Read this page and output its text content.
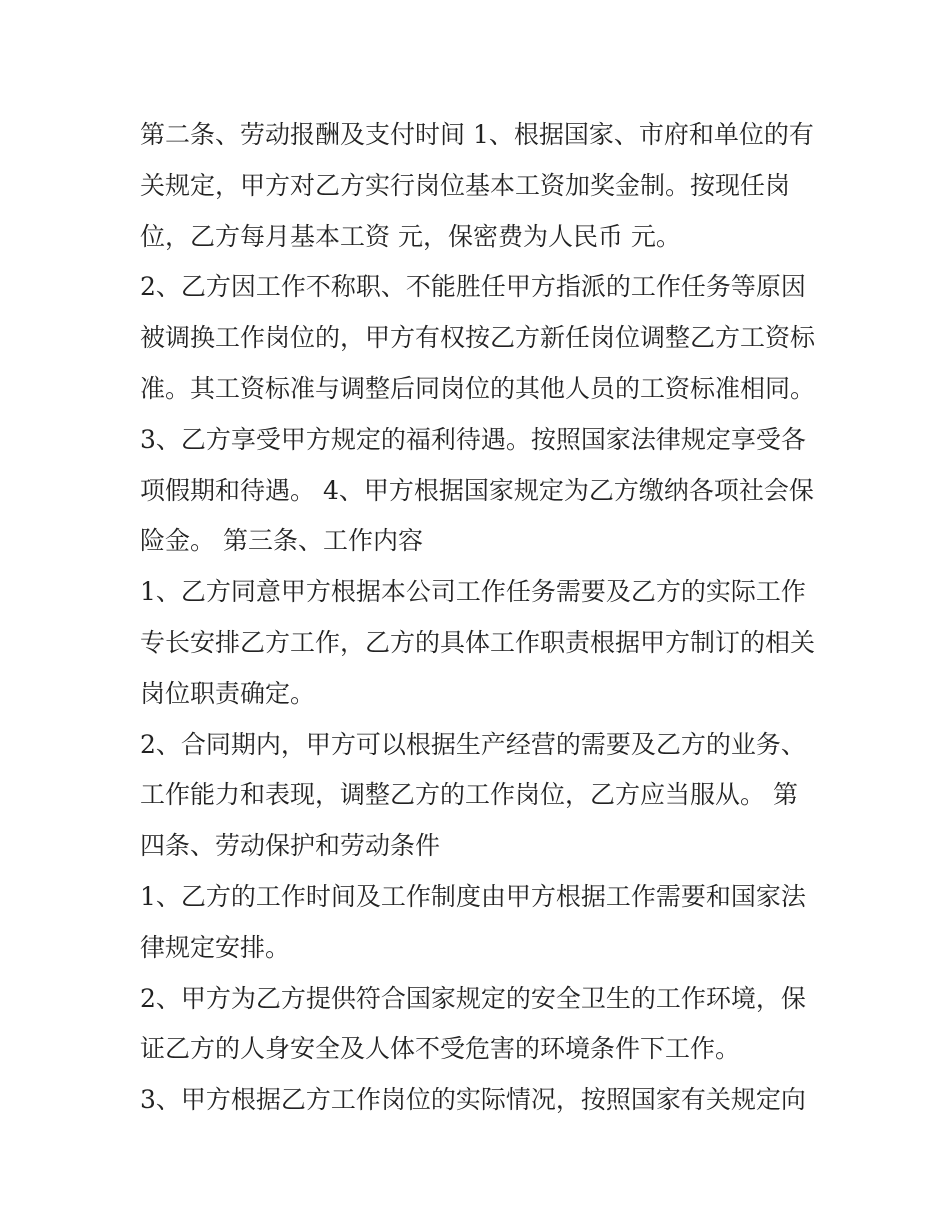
第二条、劳动报酬及支付时间 1、根据国家、市府和单位的有
关规定，甲方对乙方实行岗位基本工资加奖金制。按现任岗
位，乙方每月基本工资 元，保密费为人民币 元。
2、乙方因工作不称职、不能胜任甲方指派的工作任务等原因
被调换工作岗位的，甲方有权按乙方新任岗位调整乙方工资标
准。其工资标准与调整后同岗位的其他人员的工资标准相同。
3、乙方享受甲方规定的福利待遇。按照国家法律规定享受各
项假期和待遇。 4、甲方根据国家规定为乙方缴纳各项社会保
险金。 第三条、工作内容
1、乙方同意甲方根据本公司工作任务需要及乙方的实际工作
专长安排乙方工作，乙方的具体工作职责根据甲方制订的相关
岗位职责确定。
2、合同期内，甲方可以根据生产经营的需要及乙方的业务、
工作能力和表现，调整乙方的工作岗位，乙方应当服从。 第
四条、劳动保护和劳动条件
1、乙方的工作时间及工作制度由甲方根据工作需要和国家法
律规定安排。
2、甲方为乙方提供符合国家规定的安全卫生的工作环境，保
证乙方的人身安全及人体不受危害的环境条件下工作。
3、甲方根据乙方工作岗位的实际情况，按照国家有关规定向
